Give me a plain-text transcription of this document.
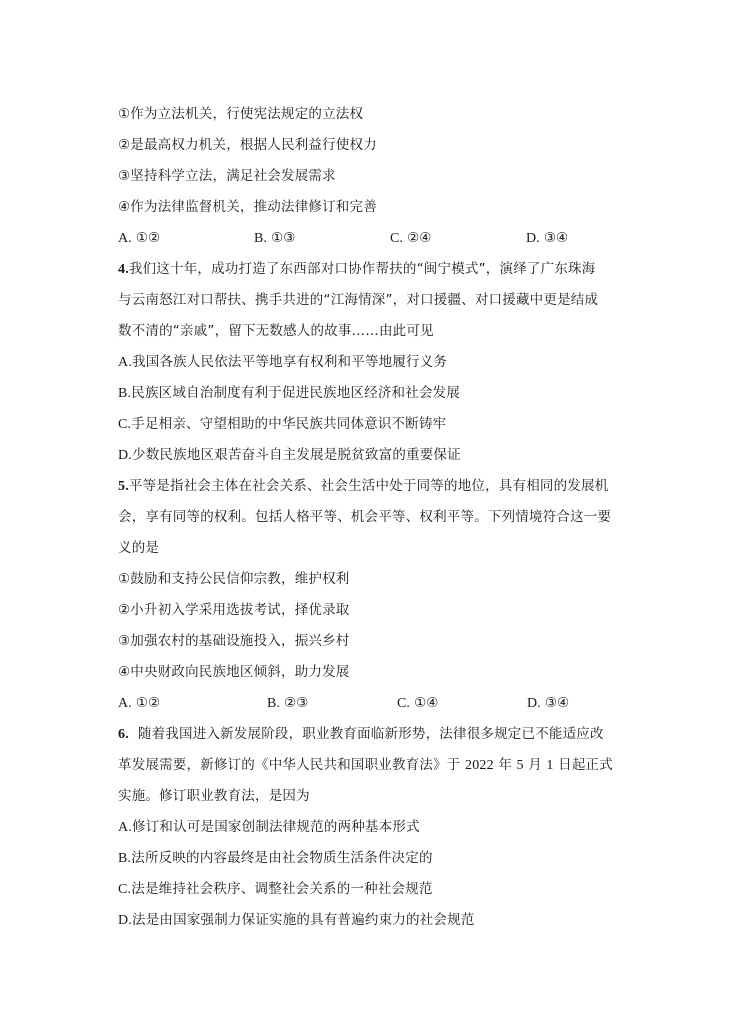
①作为立法机关，行使宪法规定的立法权
②是最高权力机关，根据人民利益行使权力
③坚持科学立法，满足社会发展需求
④作为法律监督机关，推动法律修订和完善
A. ①②	B. ①③	C. ②④	D. ③④
4.我们这十年，成功打造了东西部对口协作帮扶的“闽宁模式”，演绎了广东珠海
与云南怒江对口帮扶、携手共进的“江海情深”，对口援疆、对口援藏中更是结成
数不清的“亲戚”，留下无数感人的故事……由此可见
A.我国各族人民依法平等地享有权利和平等地履行义务
B.民族区域自治制度有利于促进民族地区经济和社会发展
C.手足相亲、守望相助的中华民族共同体意识不断铸牢
D.少数民族地区艰苦奋斗自主发展是脱贫致富的重要保证
5.平等是指社会主体在社会关系、社会生活中处于同等的地位，具有相同的发展机
会，享有同等的权利。包括人格平等、机会平等、权利平等。下列情境符合这一要
义的是
①鼓励和支持公民信仰宗教，维护权利
②小升初入学采用选拔考试，择优录取
③加强农村的基础设施投入，振兴乡村
④中央财政向民族地区倾斜，助力发展
A. ①②	B. ②③	C. ①④	D. ③④
6. 随着我国进入新发展阶段，职业教育面临新形势，法律很多规定已不能适应改
革发展需要，新修订的《中华人民共和国职业教育法》于 2022 年 5 月 1 日起正式
实施。修订职业教育法，是因为
A.修订和认可是国家创制法律规范的两种基本形式
B.法所反映的内容最终是由社会物质生活条件决定的
C.法是维持社会秩序、调整社会关系的一种社会规范
D.法是由国家强制力保证实施的具有普遍约束力的社会规范
